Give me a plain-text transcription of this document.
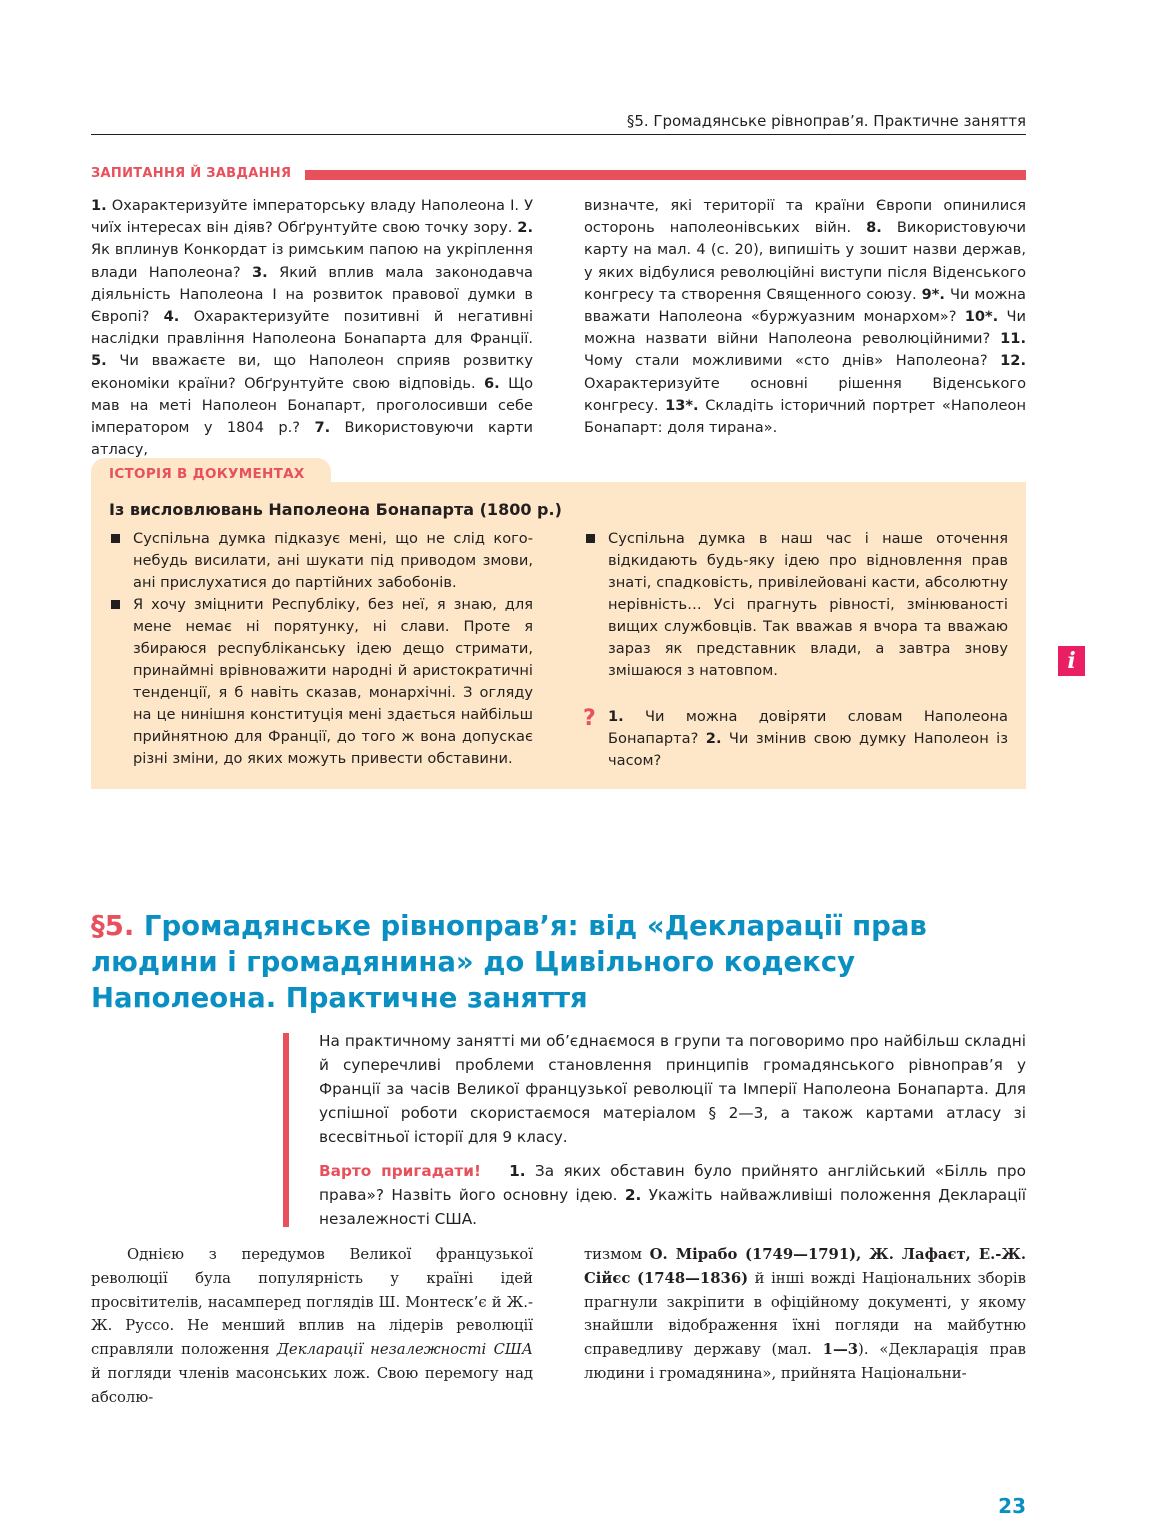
§5. Громадянське рівноправ’я. Практичне заняття
ЗАПИТАННЯ Й ЗАВДАННЯ

1. Охарактеризуйте імператорську владу Наполеона І. У чиїх інтересах він діяв? Обґрунтуйте свою точку зору. 2. Як вплинув Конкордат із римським папою на укріплення влади Наполеона? 3. Який вплив мала законодавча діяльність Наполеона І на розвиток правової думки в Європі? 4. Охарактеризуйте позитивні й негативні наслідки правління Наполеона Бонапарта для Франції. 5. Чи вважаєте ви, що Наполеон сприяв розвитку економіки країни? Обґрунтуйте свою відповідь. 6. Що мав на меті Наполеон Бонапарт, проголосивши себе імператором у 1804 р.? 7. Використовуючи карти атласу,

визначте, які території та країни Європи опинилися осторонь наполеонівських війн. 8. Використовуючи карту на мал. 4 (с. 20), випишіть у зошит назви держав, у яких відбулися революційні виступи після Віденського конгресу та створення Священного союзу. 9*. Чи можна вважати Наполеона «буржуазним монархом»? 10*. Чи можна назвати війни Наполеона революційними? 11. Чому стали можливими «сто днів» Наполеона? 12. Охарактеризуйте основні рішення Віденського конгресу. 13*. Складіть історичний портрет «Наполеон Бонапарт: доля тирана».

ІСТОРІЯ В ДОКУМЕНТАХ
Із висловлювань Наполеона Бонапарта (1800 р.)

Суспільна думка підказує мені, що не слід кого-небудь висилати, ані шукати під приводом змови, ані прислухатися до партійних забобонів.

Я хочу зміцнити Республіку, без неї, я знаю, для мене немає ні порятунку, ні слави. Проте я збираюся республіканську ідею дещо стримати, принаймні врівноважити народні й аристократичні тенденції, я б навіть сказав, монархічні. З огляду на це нинішня конституція мені здається найбільш прийнятною для Франції, до того ж вона допускає різні зміни, до яких можуть привести обставини.

Суспільна думка в наш час і наше оточення відкидають будь-яку ідею про відновлення прав знаті, спадковість, привілейовані касти, абсолютну нерівність… Усі прагнуть рівності, змінюваності вищих службовців. Так вважав я вчора та вважаю зараз як представник влади, а завтра знову змішаюся з натовпом.

? 1. Чи можна довіряти словам Наполеона Бонапарта? 2. Чи змінив свою думку Наполеон із часом?
i
§5. Громадянське рівноправ’я: від «Декларації прав людини і громадянина» до Цивільного кодексу Наполеона. Практичне заняття

На практичному занятті ми об’єднаємося в групи та поговоримо про найбільш складні й суперечливі проблеми становлення принципів громадянського рівноправ’я у Франції за часів Великої французької революції та Імперії Наполеона Бонапарта. Для успішної роботи скористаємося матеріалом § 2—3, а також картами атласу зі всесвітньої історії для 9 класу.

Варто пригадати! 1. За яких обставин було прийнято англійський «Білль про права»? Назвіть його основну ідею. 2. Укажіть найважливіші положення Декларації незалежності США.
Однією з передумов Великої французької революції була популярність у країні ідей просвітителів, насамперед поглядів Ш. Монтеск’є й Ж.-Ж. Руссо. Не менший вплив на лідерів революції справляли положення Декларації незалежності США й погляди членів масонських лож. Свою перемогу над абсолю-
тизмом О. Мірабо (1749—1791), Ж. Лафаєт, Е.-Ж. Сійєс (1748—1836) й інші вожді Національних зборів прагнули закріпити в офіційному документі, у якому знайшли відображення їхні погляди на майбутню справедливу державу (мал. 1—3). «Декларація прав людини і громадянина», прийнята Національни-
23
